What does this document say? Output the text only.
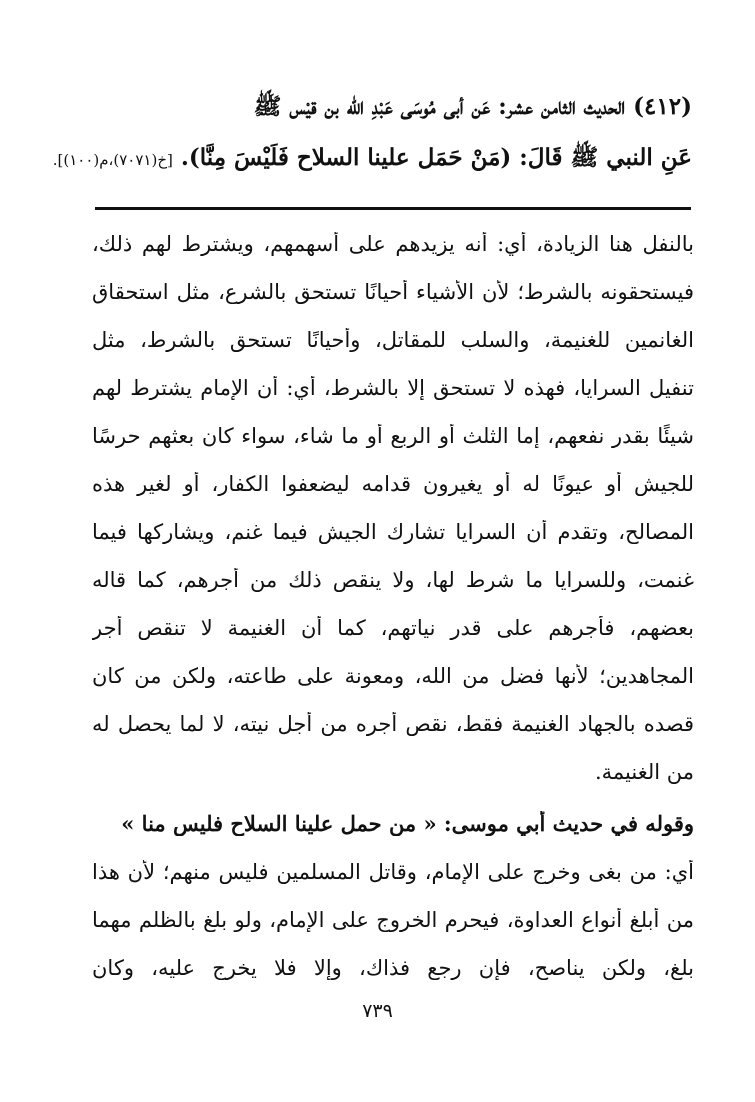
(٤١٢) الحديث الثامن عشر: عَن أبى مُوسَى عَبْدِ الله بن قيْس ﷺ
عَنِ النبي ﷺ قَالَ: (مَنْ حَمَل علينا السلاح فَلَيْسَ مِنَّا). [خ(٧٠٧١)،م(١٠٠)].
بالنفل هنا الزيادة، أي: أنه يزيدهم على أسهمهم، ويشترط لهم ذلك،
فيستحقونه بالشرط؛ لأن الأشياء أحيانًا تستحق بالشرع، مثل استحقاق
الغانمين للغنيمة، والسلب للمقاتل، وأحيانًا تستحق بالشرط، مثل
تنفيل السرايا، فهذه لا تستحق إلا بالشرط، أي: أن الإمام يشترط لهم
شيئًا بقدر نفعهم، إما الثلث أو الربع أو ما شاء، سواء كان بعثهم حرسًا
للجيش أو عيونًا له أو يغيرون قدامه ليضعفوا الكفار، أو لغير هذه
المصالح، وتقدم أن السرايا تشارك الجيش فيما غنم، ويشاركها فيما
غنمت، وللسرايا ما شرط لها، ولا ينقص ذلك من أجرهم، كما قاله
بعضهم، فأجرهم على قدر نياتهم، كما أن الغنيمة لا تنقص أجر
المجاهدين؛ لأنها فضل من الله، ومعونة على طاعته، ولكن من كان
قصده بالجهاد الغنيمة فقط، نقص أجره من أجل نيته، لا لما يحصل له
من الغنيمة.
وقوله في حديث أبي موسى: « من حمل علينا السلاح فليس منا »
أي: من بغى وخرج على الإمام، وقاتل المسلمين فليس منهم؛ لأن هذا
من أبلغ أنواع العداوة، فيحرم الخروج على الإمام، ولو بلغ بالظلم مهما
بلغ، ولكن يناصح، فإن رجع فذاك، وإلا فلا يخرج عليه، وكان
٧٣٩
